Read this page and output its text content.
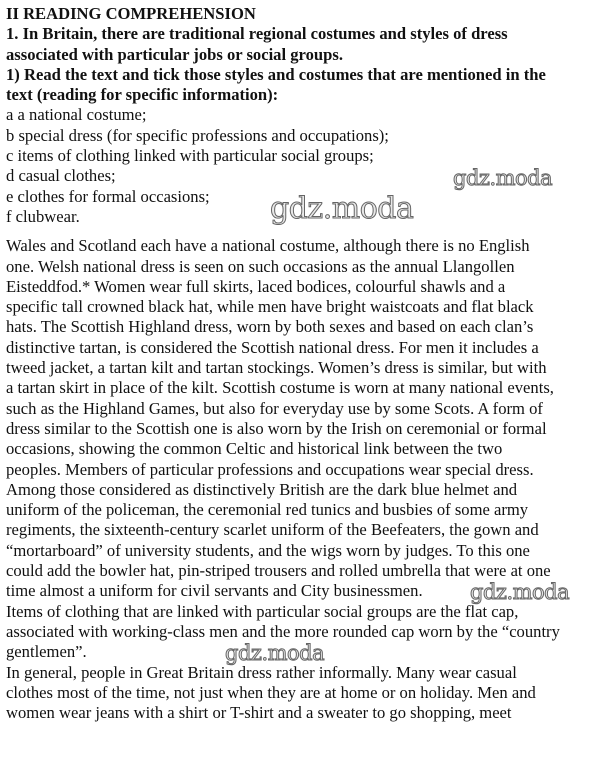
II READING COMPREHENSION
1. In Britain, there are traditional regional costumes and styles of dress
associated with particular jobs or social groups.
1) Read the text and tick those styles and costumes that are mentioned in the
text (reading for specific information):
a a national costume;
b special dress (for specific professions and occupations);
c items of clothing linked with particular social groups;
d casual clothes;
e clothes for formal occasions;
f clubwear.
Wales and Scotland each have a national costume, although there is no English
one. Welsh national dress is seen on such occasions as the annual Llangollen
Eisteddfod.* Women wear full skirts, laced bodices, colourful shawls and a
specific tall crowned black hat, while men have bright waistcoats and flat black
hats. The Scottish Highland dress, worn by both sexes and based on each clan’s
distinctive tartan, is considered the Scottish national dress. For men it includes a
tweed jacket, a tartan kilt and tartan stockings. Women’s dress is similar, but with
a tartan skirt in place of the kilt. Scottish costume is worn at many national events,
such as the Highland Games, but also for everyday use by some Scots. A form of
dress similar to the Scottish one is also worn by the Irish on ceremonial or formal
occasions, showing the common Celtic and historical link between the two
peoples. Members of particular professions and occupations wear special dress.
Among those considered as distinctively British are the dark blue helmet and
uniform of the policeman, the ceremonial red tunics and busbies of some army
regiments, the sixteenth-century scarlet uniform of the Beefeaters, the gown and
“mortarboard” of university students, and the wigs worn by judges. To this one
could add the bowler hat, pin-striped trousers and rolled umbrella that were at one
time almost a uniform for civil servants and City businessmen.
Items of clothing that are linked with particular social groups are the flat cap,
associated with working-class men and the more rounded cap worn by the “country
gentlemen”.
In general, people in Great Britain dress rather informally. Many wear casual
clothes most of the time, not just when they are at home or on holiday. Men and
women wear jeans with a shirt or T-shirt and a sweater to go shopping, meet
gdz.moda
gdz.moda
gdz.moda
gdz.moda
